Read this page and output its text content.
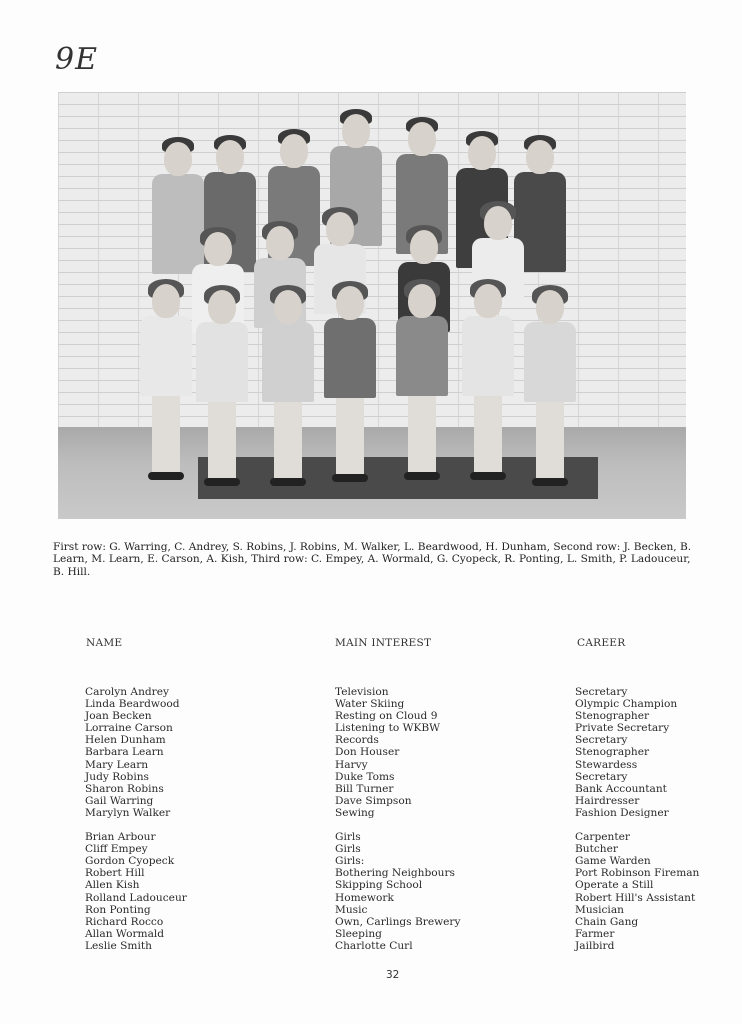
9E
First row: G. Warring, C. Andrey, S. Robins, J. Robins, M. Walker, L. Beardwood, H. Dunham, Second row: J. Becken, B. Learn, M. Learn, E. Carson, A. Kish, Third row: C. Empey, A. Wormald, G. Cyopeck, R. Ponting, L. Smith, P. Ladouceur, B. Hill.
NAME	MAIN INTEREST	CAREER
Carolyn Andrey
Linda Beardwood
Joan Becken
Lorraine Carson
Helen Dunham
Barbara Learn
Mary Learn
Judy Robins
Sharon Robins
Gail Warring
Marylyn Walker
Brian Arbour
Cliff Empey
Gordon Cyopeck
Robert Hill
Allen Kish
Rolland Ladouceur
Ron Ponting
Richard Rocco
Allan Wormald
Leslie Smith
Television
Water Skiing
Resting on Cloud 9
Listening to WKBW
Records
Don Houser
Harvy
Duke Toms
Bill Turner
Dave Simpson
Sewing
Girls
Girls
Girls:
Bothering Neighbours
Skipping School
Homework
Music
Own, Carlings Brewery
Sleeping
Charlotte Curl
Secretary
Olympic Champion
Stenographer
Private Secretary
Secretary
Stenographer
Stewardess
Secretary
Bank Accountant
Hairdresser
Fashion Designer
Carpenter
Butcher
Game Warden
Port Robinson Fireman
Operate a Still
Robert Hill's Assistant
Musician
Chain Gang
Farmer
Jailbird
32
